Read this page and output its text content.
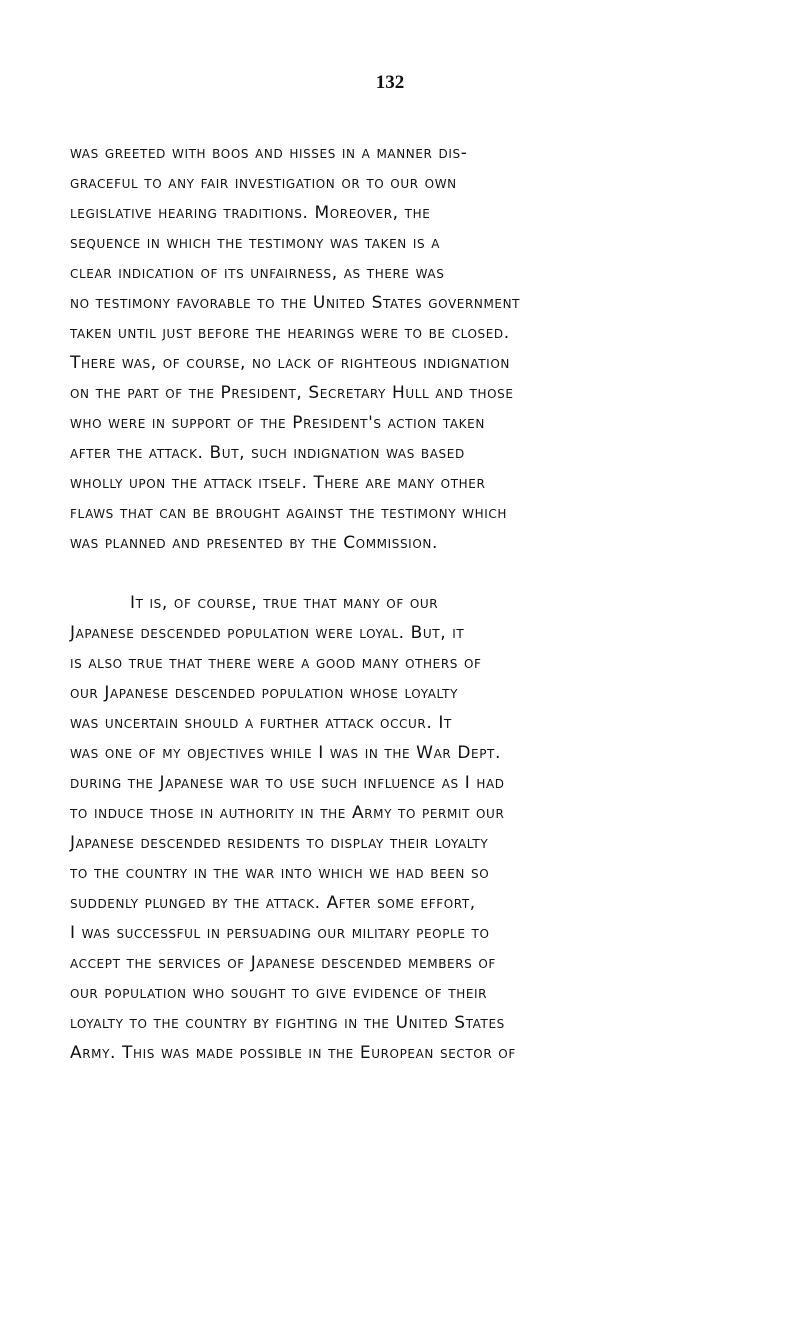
132
was greeted with boos and hisses in a manner dis-
graceful to any fair investigation or to our own
legislative hearing traditions. Moreover, the
sequence in which the testimony was taken is a
clear indication of its unfairness, as there was
no testimony favorable to the United States government
taken until just before the hearings were to be closed.
There was, of course, no lack of righteous indignation
on the part of the President, Secretary Hull and those
who were in support of the President's action taken
after the attack. But, such indignation was based
wholly upon the attack itself. There are many other
flaws that can be brought against the testimony which
was planned and presented by the Commission.
It is, of course, true that many of our
Japanese descended population were loyal. But, it
is also true that there were a good many others of
our Japanese descended population whose loyalty
was uncertain should a further attack occur. It
was one of my objectives while I was in the War Dept.
during the Japanese war to use such influence as I had
to induce those in authority in the Army to permit our
Japanese descended residents to display their loyalty
to the country in the war into which we had been so
suddenly plunged by the attack. After some effort,
I was successful in persuading our military people to
accept the services of Japanese descended members of
our population who sought to give evidence of their
loyalty to the country by fighting in the United States
Army. This was made possible in the European sector of
